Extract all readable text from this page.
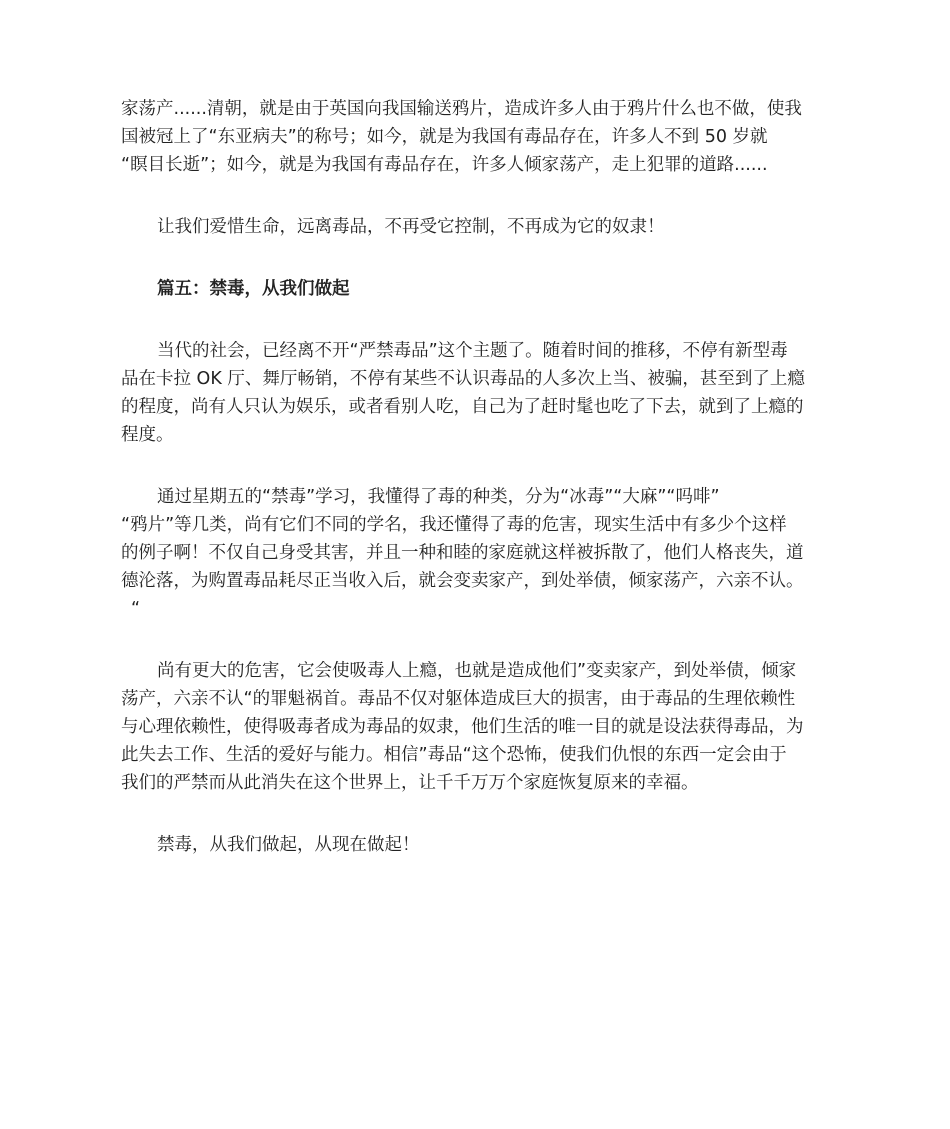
家荡产......清朝，就是由于英国向我国输送鸦片，造成许多人由于鸦片什么也不做，使我
国被冠上了“东亚病夫”的称号；如今，就是为我国有毒品存在，许多人不到 50 岁就
“瞑目长逝”；如今，就是为我国有毒品存在，许多人倾家荡产，走上犯罪的道路......
让我们爱惜生命，远离毒品，不再受它控制，不再成为它的奴隶！
篇五：禁毒，从我们做起
当代的社会，已经离不开“严禁毒品”这个主题了。随着时间的推移，不停有新型毒
品在卡拉 OK 厅、舞厅畅销，不停有某些不认识毒品的人多次上当、被骗，甚至到了上瘾
的程度，尚有人只认为娱乐，或者看别人吃，自己为了赶时髦也吃了下去，就到了上瘾的
程度。
通过星期五的“禁毒”学习，我懂得了毒的种类，分为“冰毒”“大麻”“吗啡”
“鸦片”等几类，尚有它们不同的学名，我还懂得了毒的危害，现实生活中有多少个这样
的例子啊！不仅自己身受其害，并且一种和睦的家庭就这样被拆散了，他们人格丧失，道
德沦落，为购置毒品耗尽正当收入后，就会变卖家产，到处举债，倾家荡产，六亲不认。
“
尚有更大的危害，它会使吸毒人上瘾，也就是造成他们”变卖家产，到处举债，倾家
荡产，六亲不认“的罪魁祸首。毒品不仅对躯体造成巨大的损害，由于毒品的生理依赖性
与心理依赖性，使得吸毒者成为毒品的奴隶，他们生活的唯一目的就是设法获得毒品，为
此失去工作、生活的爱好与能力。相信”毒品“这个恐怖，使我们仇恨的东西一定会由于
我们的严禁而从此消失在这个世界上，让千千万万个家庭恢复原来的幸福。
禁毒，从我们做起，从现在做起！
